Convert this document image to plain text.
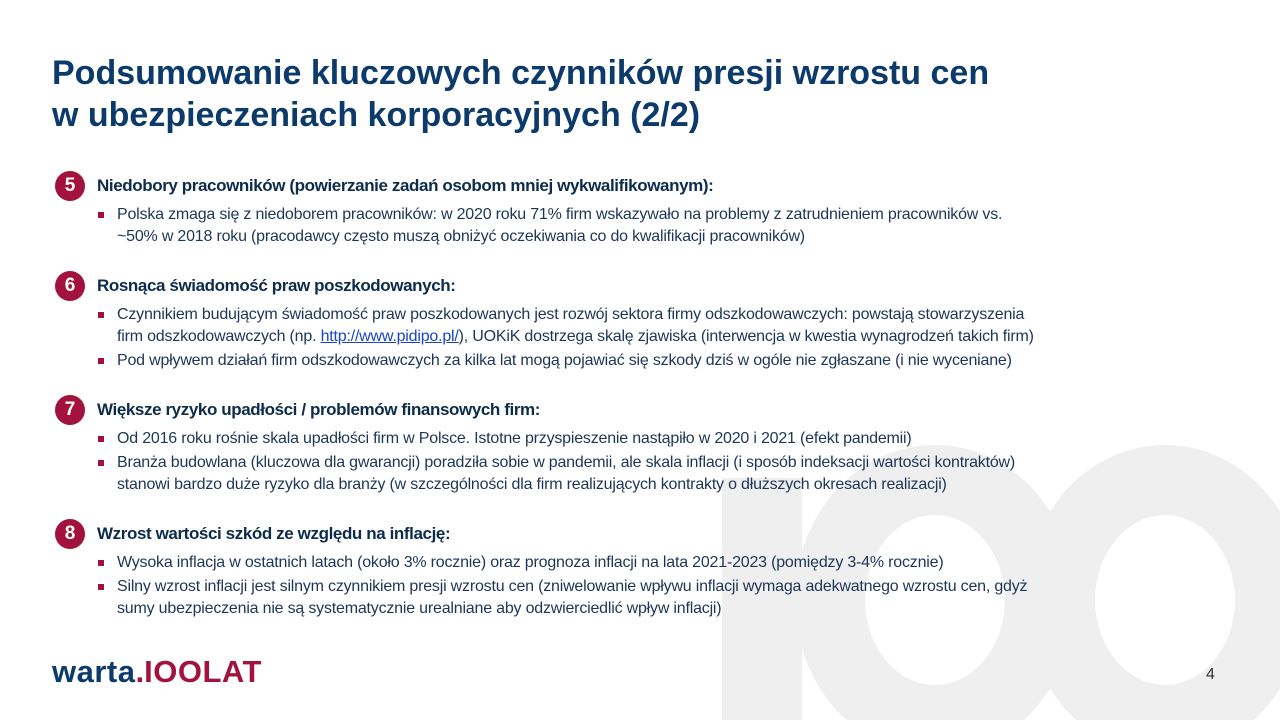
Podsumowanie kluczowych czynników presji wzrostu cen
w ubezpieczeniach korporacyjnych (2/2)
5	Niedobory pracowników (powierzanie zadań osobom mniej wykwalifikowanym):
Polska zmaga się z niedoborem pracowników: w 2020 roku 71% firm wskazywało na problemy z zatrudnieniem pracowników vs.
~50% w 2018 roku (pracodawcy często muszą obniżyć oczekiwania co do kwalifikacji pracowników)
6	Rosnąca świadomość praw poszkodowanych:
Czynnikiem budującym świadomość praw poszkodowanych jest rozwój sektora firmy odszkodowawczych: powstają stowarzyszenia
firm odszkodowawczych (np. http://www.pidipo.pl/), UOKiK dostrzega skalę zjawiska (interwencja w kwestia wynagrodzeń takich firm)
Pod wpływem działań firm odszkodowawczych za kilka lat mogą pojawiać się szkody dziś w ogóle nie zgłaszane (i nie wyceniane)
7	Większe ryzyko upadłości / problemów finansowych firm:
Od 2016 roku rośnie skala upadłości firm w Polsce. Istotne przyspieszenie nastąpiło w 2020 i 2021 (efekt pandemii)
Branża budowlana (kluczowa dla gwarancji) poradziła sobie w pandemii, ale skala inflacji (i sposób indeksacji wartości kontraktów)
stanowi bardzo duże ryzyko dla branży (w szczególności dla firm realizujących kontrakty o dłuższych okresach realizacji)
8	Wzrost wartości szkód ze względu na inflację:
Wysoka inflacja w ostatnich latach (około 3% rocznie) oraz prognoza inflacji na lata 2021-2023 (pomiędzy 3-4% rocznie)
Silny wzrost inflacji jest silnym czynnikiem presji wzrostu cen (zniwelowanie wpływu inflacji wymaga adekwatnego wzrostu cen, gdyż
sumy ubezpieczenia nie są systematycznie urealniane aby odzwierciedlić wpływ inflacji)
warta . IOOLAT	4
